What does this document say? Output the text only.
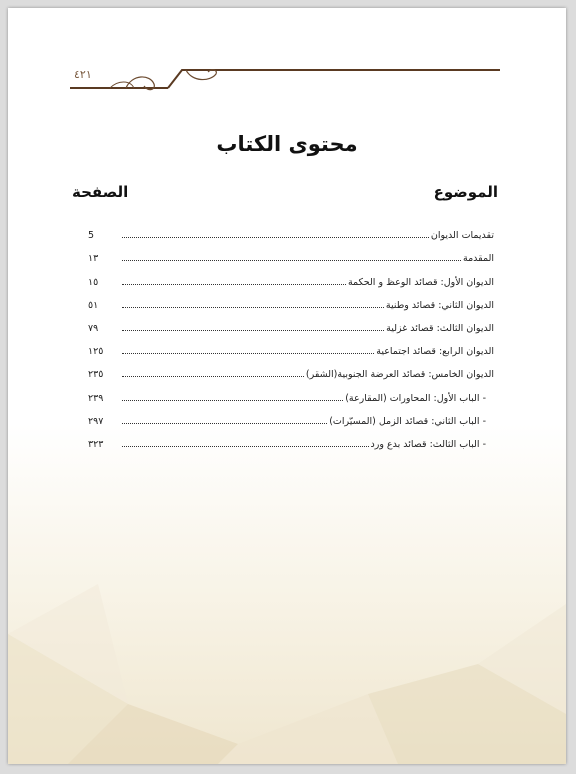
٤٢١
محتوى الكتاب
الموضوع
الصفحة
تقديمات الديوان
5
المقدمة
١٣
الديوان الأول: قصائد الوعظ و الحكمة
١٥
الديوان الثاني: قصائد وطنية
٥١
الديوان الثالث: قصائد غزلية
٧٩
الديوان الرابع: قصائد اجتماعية
١٢٥
الديوان الخامس: قصائد العرضة الجنوبية(الشقر)
٢٣٥
- الباب الأول: المحاورات (المقارعة)
٢٣٩
- الباب الثاني: قصائد الزمل (المسيّرات)
٢٩٧
- الباب الثالث: قصائد بدع ورد
٣٢٣
